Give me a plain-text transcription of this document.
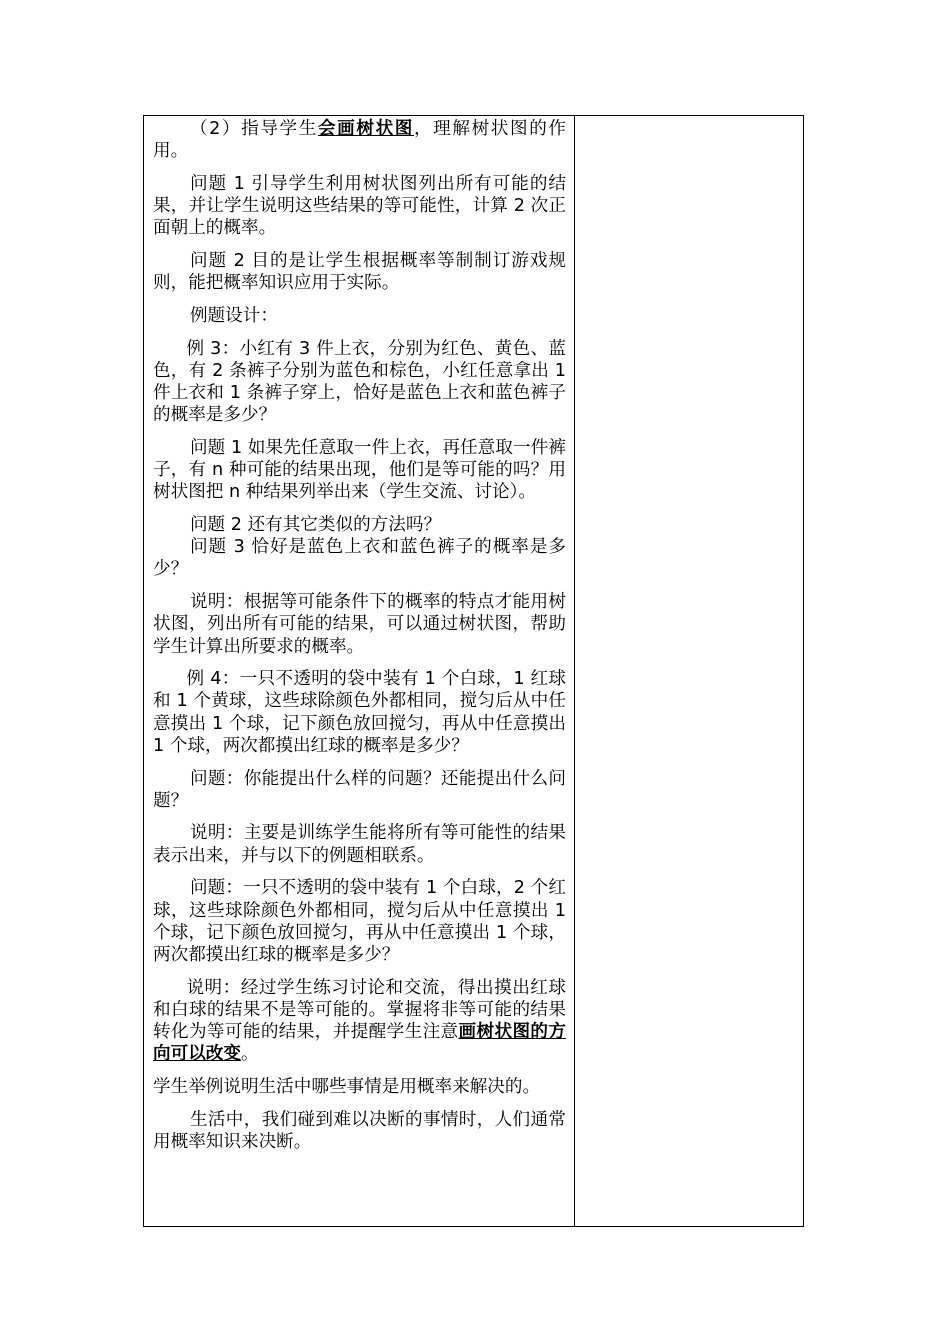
（2）指导学生会画树状图，理解树状图的作用。

问题 1 引导学生利用树状图列出所有可能的结果，并让学生说明这些结果的等可能性，计算 2 次正面朝上的概率。

问题 2 目的是让学生根据概率等制制订游戏规则，能把概率知识应用于实际。

例题设计：

例 3：小红有 3 件上衣，分别为红色、黄色、蓝色，有 2 条裤子分别为蓝色和棕色，小红任意拿出 1 件上衣和 1 条裤子穿上，恰好是蓝色上衣和蓝色裤子的概率是多少？

问题 1 如果先任意取一件上衣，再任意取一件裤子，有 n 种可能的结果出现，他们是等可能的吗？用树状图把 n 种结果列举出来（学生交流、讨论）。

问题 2 还有其它类似的方法吗？

问题 3 恰好是蓝色上衣和蓝色裤子的概率是多少？

说明：根据等可能条件下的概率的特点才能用树状图，列出所有可能的结果，可以通过树状图，帮助学生计算出所要求的概率。

例 4：一只不透明的袋中装有 1 个白球，1 红球和 1 个黄球，这些球除颜色外都相同，搅匀后从中任意摸出 1 个球，记下颜色放回搅匀，再从中任意摸出 1 个球，两次都摸出红球的概率是多少？

问题：你能提出什么样的问题？还能提出什么问题？

说明：主要是训练学生能将所有等可能性的结果表示出来，并与以下的例题相联系。

问题：一只不透明的袋中装有 1 个白球，2 个红球，这些球除颜色外都相同，搅匀后从中任意摸出 1 个球，记下颜色放回搅匀，再从中任意摸出 1 个球，两次都摸出红球的概率是多少？

说明：经过学生练习讨论和交流，得出摸出红球和白球的结果不是等可能的。掌握将非等可能的结果转化为等可能的结果，并提醒学生注意画树状图的方向可以改变。

学生举例说明生活中哪些事情是用概率来解决的。

生活中，我们碰到难以决断的事情时，人们通常用概率知识来决断。
